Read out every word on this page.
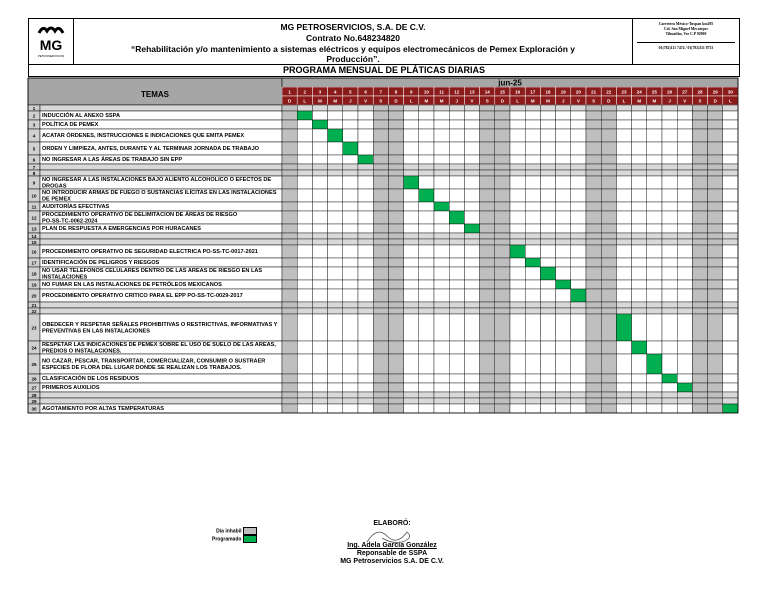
MG
PETROSERVICIOS
MG PETROSERVICIOS, S.A. DE C.V.
Contrato No.648234820
“Rehabilitación y/o mantenimiento a sistemas eléctricos y equipos electromecánicos de Pemex Exploración y
Producción”.
Carretera México-Tuxpan km295
Col. San Miguel Mecatepec
Tihuatlán, Ver C.P 92900
01(782)111 7474 / 01(782)111 8733
PROGRAMA MENSUAL DE PLÁTICAS DIARIAS
TEMAS
jun-25
1
D
2
L
3
M
4
M
5
J
6
V
7
S
8
D
9
L
10
M
11
M
12
J
13
V
14
S
15
D
16
L
17
M
18
M
19
J
20
V
21
S
22
D
23
L
24
M
25
M
26
J
27
V
28
S
29
D
30
L
1
2 INDUCCIÓN AL ANEXO SSPA
3 POLÍTICA DE PEMEX
4 ACATAR ÓRDENES, INSTRUCCIONES E INDICACIONES QUE EMITA PEMEX
5 ORDEN Y LIMPIEZA, ANTES, DURANTE Y AL TERMINAR JORNADA DE TRABAJO
6 NO INGRESAR A LAS ÁREAS DE TRABAJO SIN EPP
7
8
9 NO INGRESAR A LAS INSTALACIONES BAJO ALIENTO ALCOHOLICO O EFECTOS DE
DROGAS
10 NO INTRODUCIR ARMAS DE FUEGO O SUSTANCIAS ILÍCITAS EN LAS INSTALACIONES
DE PEMEX
11 AUDITORÍAS EFECTIVAS
12 PROCEDIMIENTO OPERATIVO DE DELIMITACION DE ÁREAS DE RIESGO
PO-SS-TC-0062-2024
13 PLAN DE RESPUESTA A EMERGENCIAS POR HURACANES
14
15
16 PROCEDIMIENTO OPERATIVO DE SEGURIDAD ELECTRICA PO-SS-TC-0017-2021
17 IDENTIFICACIÓN DE PELIGROS Y RIESGOS
18 NO USAR TELEFONOS CELULARES DENTRO DE LAS AREAS DE RIESGO EN LAS
INSTALACIONES
19 NO FUMAR EN LAS INSTALACIONES DE PETRÓLEOS MEXICANOS
20 PROCEDIMIENTO OPERATIVO CRITICO PARA EL EPP PO-SS-TC-0029-2017
21
22
23 OBEDECER Y RESPETAR SEÑALES PROHIBITIVAS O RESTRICTIVAS, INFORMATIVAS Y
PREVENTIVAS EN LAS INSTALACIONES
24 RESPETAR LAS INDICACIONES DE PEMEX SOBRE EL USO DE SUELO DE LAS AREAS,
PREDIOS O INSTALACIONES.
25 NO CAZAR, PESCAR, TRANSPORTAR, COMERCIALIZAR, CONSUMIR O SUSTRAER
ESPECIES DE FLORA DEL LUGAR DONDE SE REALIZAN LOS TRABAJOS.
26 CLASIFICACIÓN DE LOS RESIDUOS
27 PRIMEROS AUXILIOS
28
29
30 AGOTAMIENTO POR ALTAS TEMPERATURAS
Día inhabil
Programado
ELABORÓ:
Ing. Adela García González
Reponsable de SSPA
MG Petroservicios S.A. DE C.V.
